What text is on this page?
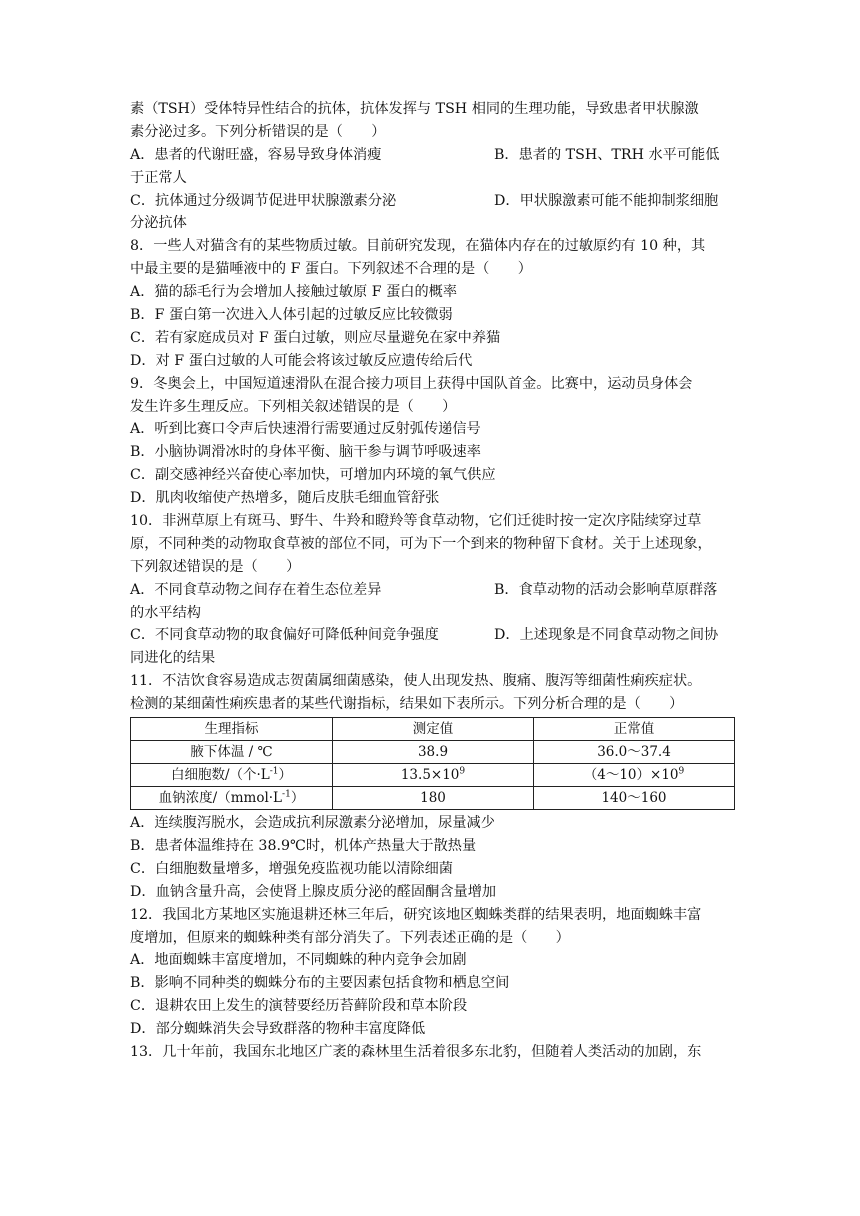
素（TSH）受体特异性结合的抗体，抗体发挥与 TSH 相同的生理功能，导致患者甲状腺激
素分泌过多。下列分析错误的是（　　）
A．患者的代谢旺盛，容易导致身体消瘦	B．患者的 TSH、TRH 水平可能低
于正常人
C．抗体通过分级调节促进甲状腺激素分泌	D．甲状腺激素可能不能抑制浆细胞
分泌抗体
8．一些人对猫含有的某些物质过敏。目前研究发现，在猫体内存在的过敏原约有 10 种，其
中最主要的是猫唾液中的 F 蛋白。下列叙述不合理的是（　　）
A．猫的舔毛行为会增加人接触过敏原 F 蛋白的概率
B．F 蛋白第一次进入人体引起的过敏反应比较微弱
C．若有家庭成员对 F 蛋白过敏，则应尽量避免在家中养猫
D．对 F 蛋白过敏的人可能会将该过敏反应遗传给后代
9．冬奥会上，中国短道速滑队在混合接力项目上获得中国队首金。比赛中，运动员身体会
发生许多生理反应。下列相关叙述错误的是（　　）
A．听到比赛口令声后快速滑行需要通过反射弧传递信号
B．小脑协调滑冰时的身体平衡、脑干参与调节呼吸速率
C．副交感神经兴奋使心率加快，可增加内环境的氧气供应
D．肌肉收缩使产热增多，随后皮肤毛细血管舒张
10．非洲草原上有斑马、野牛、牛羚和瞪羚等食草动物，它们迁徙时按一定次序陆续穿过草
原，不同种类的动物取食草被的部位不同，可为下一个到来的物种留下食材。关于上述现象，
下列叙述错误的是（　　）
A．不同食草动物之间存在着生态位差异	B．食草动物的活动会影响草原群落
的水平结构
C．不同食草动物的取食偏好可降低种间竞争强度	D．上述现象是不同食草动物之间协
同进化的结果
11．不洁饮食容易造成志贺菌属细菌感染，使人出现发热、腹痛、腹泻等细菌性痢疾症状。
检测的某细菌性痢疾患者的某些代谢指标，结果如下表所示。下列分析合理的是（　　）
生理指标	测定值	正常值
腋下体温 / ℃	38.9	36.0～37.4
白细胞数/（个$\cdot L^{-1}$）	$13.5\times 10^9$	$(4\sim 10)\times 10^9$
血钠浓度$/(mmol\cdot L^{-1})$	180	140～160
A．连续腹泻脱水，会造成抗利尿激素分泌增加，尿量减少
B．患者体温维持在 38.9℃时，机体产热量大于散热量
C．白细胞数量增多，增强免疫监视功能以清除细菌
D．血钠含量升高，会使肾上腺皮质分泌的醛固酮含量增加
12．我国北方某地区实施退耕还林三年后，研究该地区蜘蛛类群的结果表明，地面蜘蛛丰富
度增加，但原来的蜘蛛种类有部分消失了。下列表述正确的是（　　）
A．地面蜘蛛丰富度增加，不同蜘蛛的种内竞争会加剧
B．影响不同种类的蜘蛛分布的主要因素包括食物和栖息空间
C．退耕农田上发生的演替要经历苔藓阶段和草本阶段
D．部分蜘蛛消失会导致群落的物种丰富度降低
13．几十年前，我国东北地区广袤的森林里生活着很多东北豹，但随着人类活动的加剧，东
